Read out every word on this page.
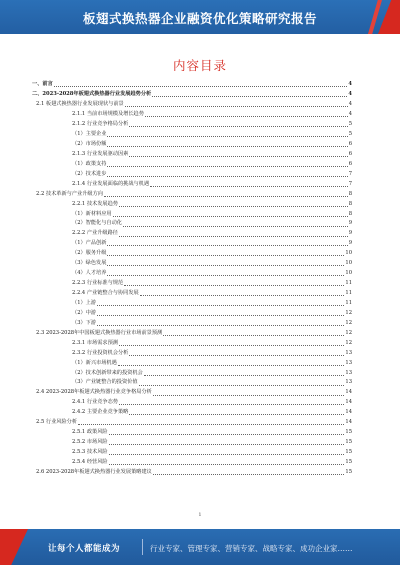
板翅式换热器企业融资优化策略研究报告
内容目录
一、前言	4
二、2023-2028年板翅式换热器行业发展趋势分析	4
2.1 板翅式换热器行业发展现状与前景	4
2.1.1 当前市场规模及增长趋势	4
2.1.2 行业竞争格局分析	5
（1）主要企业	5
（2）市场份额	6
2.1.3 行业发展驱动因素	6
（1）政策支持	6
（2）技术进步	7
2.1.4 行业发展面临的挑战与机遇	7
2.2 技术革新与产业升级方向	8
2.2.1 技术发展趋势	8
（1）新材料应用	8
（2）智能化与自动化	9
2.2.2 产业升级路径	9
（1）产品创新	9
（2）服务升级	10
（3）绿色发展	10
（4）人才培养	10
2.2.3 行业标准与规范	11
2.2.4 产业链整合与协同发展	11
（1）上游	11
（2）中游	12
（3）下游	12
2.3 2023-2028年中国板翅式换热器行业市场前景预测	12
2.3.1 市场需求预测	12
2.3.2 行业投资机会分析	13
（1）新兴市场机遇	13
（2）技术创新带来的投资机会	13
（3）产业链整合的投资价值	13
2.4 2023-2028年板翅式换热器行业竞争格局分析	14
2.4.1 行业竞争态势	14
2.4.2 主要企业竞争策略	14
2.5 行业风险分析	14
2.5.1 政策风险	15
2.5.2 市场风险	15
2.5.3 技术风险	15
2.5.4 经营风险	15
2.6 2023-2028年板翅式换热器行业发展策略建议	15
1
让每个人都能成为	行业专家、管理专家、营销专家、战略专家、成功企业家……
